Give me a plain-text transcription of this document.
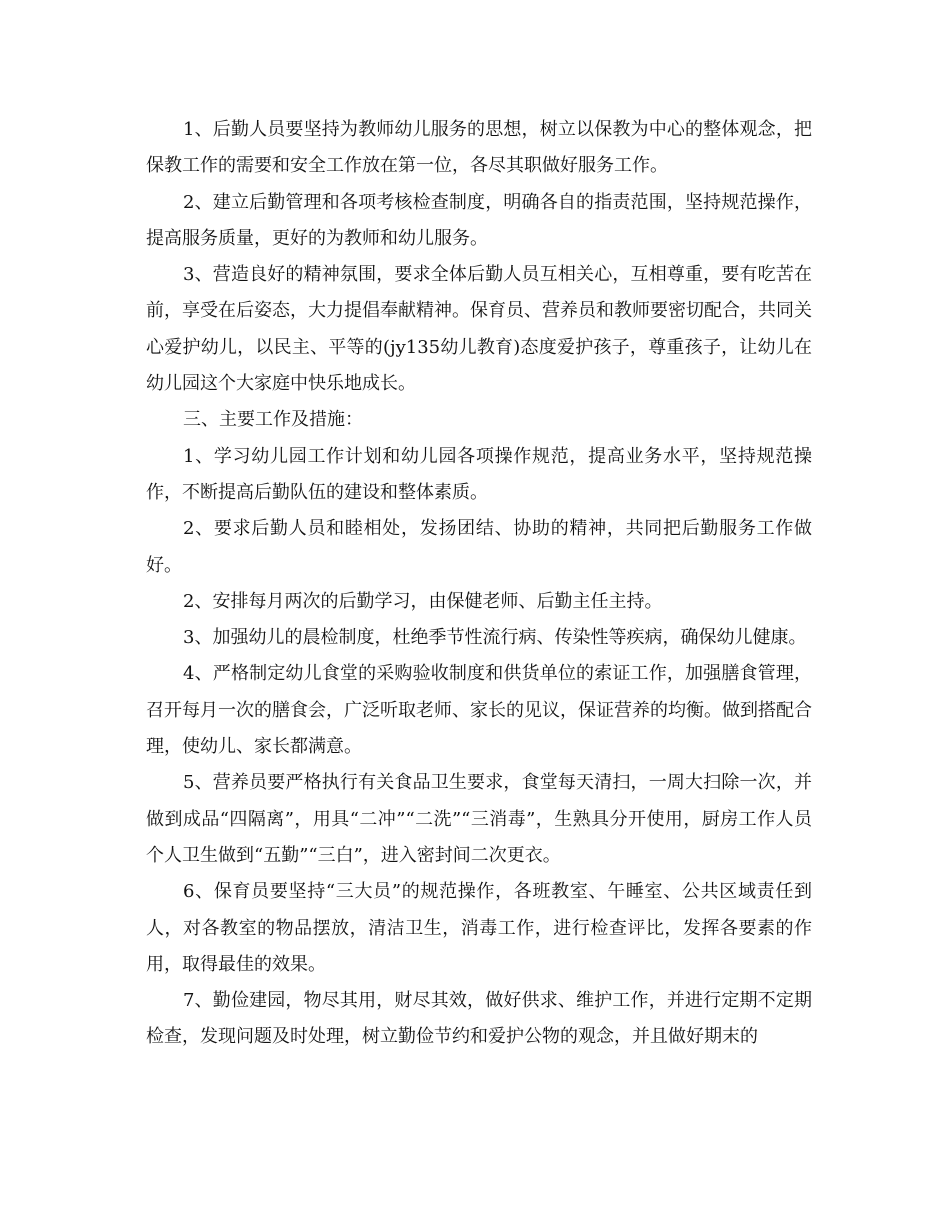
1、后勤人员要坚持为教师幼儿服务的思想，树立以保教为中心的整体观念，把保教工作的需要和安全工作放在第一位，各尽其职做好服务工作。

2、建立后勤管理和各项考核检查制度，明确各自的指责范围，坚持规范操作，提高服务质量，更好的为教师和幼儿服务。

3、营造良好的精神氛围，要求全体后勤人员互相关心，互相尊重，要有吃苦在前，享受在后姿态，大力提倡奉献精神。保育员、营养员和教师要密切配合，共同关心爱护幼儿，以民主、平等的(jy135幼儿教育)态度爱护孩子，尊重孩子，让幼儿在幼儿园这个大家庭中快乐地成长。

三、主要工作及措施：

1、学习幼儿园工作计划和幼儿园各项操作规范，提高业务水平，坚持规范操作，不断提高后勤队伍的建设和整体素质。

2、要求后勤人员和睦相处，发扬团结、协助的精神，共同把后勤服务工作做好。

2、安排每月两次的后勤学习，由保健老师、后勤主任主持。

3、加强幼儿的晨检制度，杜绝季节性流行病、传染性等疾病，确保幼儿健康。

4、严格制定幼儿食堂的采购验收制度和供货单位的索证工作，加强膳食管理，召开每月一次的膳食会，广泛听取老师、家长的见议，保证营养的均衡。做到搭配合理，使幼儿、家长都满意。

5、营养员要严格执行有关食品卫生要求，食堂每天清扫，一周大扫除一次，并做到成品“四隔离”，用具“二冲”“二洗”“三消毒”，生熟具分开使用，厨房工作人员个人卫生做到“五勤”“三白”，进入密封间二次更衣。

6、保育员要坚持“三大员”的规范操作，各班教室、午睡室、公共区域责任到人，对各教室的物品摆放，清洁卫生，消毒工作，进行检查评比，发挥各要素的作用，取得最佳的效果。

7、勤俭建园，物尽其用，财尽其效，做好供求、维护工作，并进行定期不定期检查，发现问题及时处理，树立勤俭节约和爱护公物的观念，并且做好期末的
